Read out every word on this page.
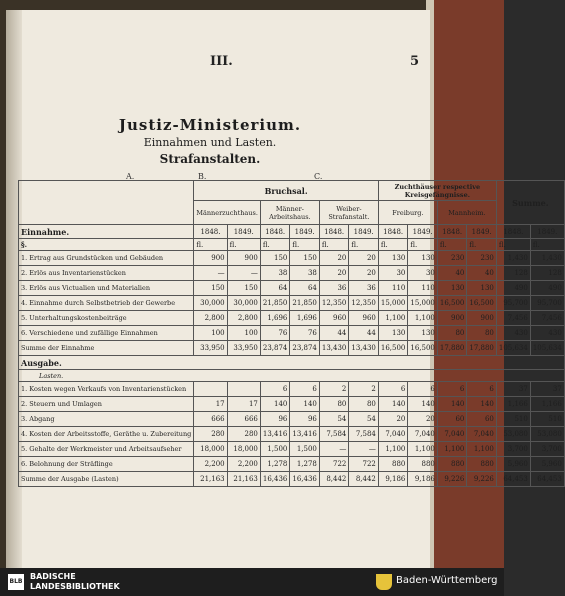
III.	5
Justiz-Ministerium.
Einnahmen und Lasten.
Strafanstalten.
A.	B.	C.
	Bruchsal.						Zuchthäuser respective Kreisgefängnisse.				Summe.	
	Männerzuchthaus.		Männer-Arbeitshaus.		Weiber-Strafanstalt.		Freiburg.		Mannheim.			
Einnahme.	1848.	1849.	1848.	1849.	1848.	1849.	1848.	1849.	1848.	1849.	1848.	1849.
§.	fl.	fl.	fl.	fl.	fl.	fl.	fl.	fl.	fl.	fl.	fl.	fl.
1. Ertrag aus Grundstücken und Gebäuden	900	900	150	150	20	20	130	130	230	230	1,430	1,430
2. Erlös aus Inventarienstücken	—	—	38	38	20	20	30	30	40	40	128	128
3. Erlös aus Victualien und Materialien	150	150	64	64	36	36	110	110	130	130	490	490
4. Einnahme durch Selbstbetrieb der Gewerbe	30,000	30,000	21,850	21,850	12,350	12,350	15,000	15,000	16,500	16,500	95,700	95,700
5. Unterhaltungskostenbeiträge	2,800	2,800	1,696	1,696	960	960	1,100	1,100	900	900	7,456	7,456
6. Verschiedene und zufällige Einnahmen	100	100	76	76	44	44	130	130	80	80	430	430
Summe der Einnahme	33,950	33,950	23,874	23,874	13,430	13,430	16,500	16,500	17,880	17,880	105,634	105,634
Ausgabe.												
Lasten.												
1. Kosten wegen Verkaufs von Inventarienstücken			6	6	2	2	6	6	6	6	37	37
2. Steuern und Umlagen	17	17	140	140	80	80	140	140	140	140	1,166	1,166
3. Abgang	666	666	96	96	54	54	20	20	60	60	510	510
4. Kosten der Arbeitsstoffe, Geräthe u. Zubereitung	280	280	13,416	13,416	7,584	7,584	7,040	7,040	7,040	7,040	53,080	53,080
5. Gehalte der Werkmeister und Arbeitsaufseher	18,000	18,000	1,500	1,500	—	—	1,100	1,100	1,100	1,100	3,700	3,700
6. Belohnung der Sträflinge	2,200	2,200	1,278	1,278	722	722	880	880	880	880	5,960	5,960
Summe der Ausgabe (Lasten)	21,163	21,163	16,436	16,436	8,442	8,442	9,186	9,186	9,226	9,226	64,453	64,453
BLB
BADISCHE
LANDESBIBLIOTHEK
Baden-Württemberg
